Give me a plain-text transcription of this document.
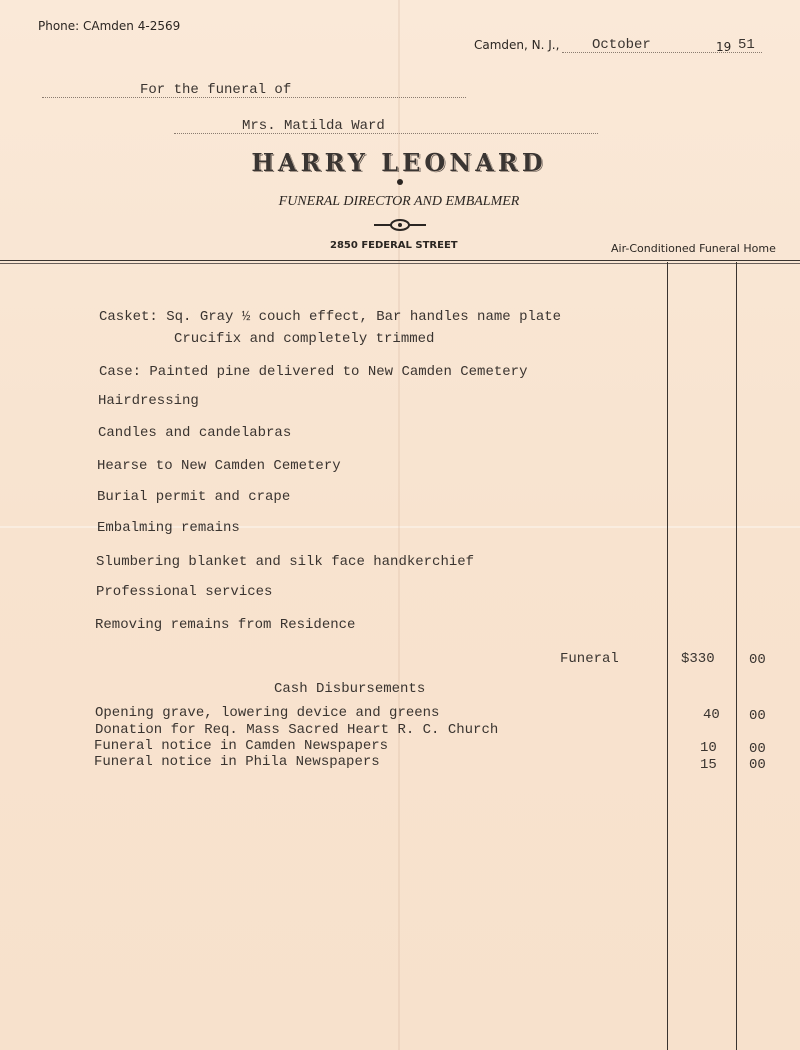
Phone: CAmden 4-2569
Camden, N. J., October	19 51
For the funeral of
Mrs. Matilda Ward
HARRY LEONARD
FUNERAL DIRECTOR AND EMBALMER
2850 FEDERAL STREET	Air-Conditioned Funeral Home
Casket: Sq. Gray ½ couch effect, Bar handles name plate
Crucifix and completely trimmed
Case: Painted pine delivered to New Camden Cemetery
Hairdressing
Candles and candelabras
Hearse to New Camden Cemetery
Burial permit and crape
Embalming remains
Slumbering blanket and silk face handkerchief
Professional services
Removing remains from Residence
Funeral	$330 00
Cash Disbursements
Opening grave, lowering device and greens	40 00
Donation for Req. Mass Sacred Heart R. C. Church
Funeral notice in Camden Newspapers	10 00
Funeral notice in Phila Newspapers	15 00
